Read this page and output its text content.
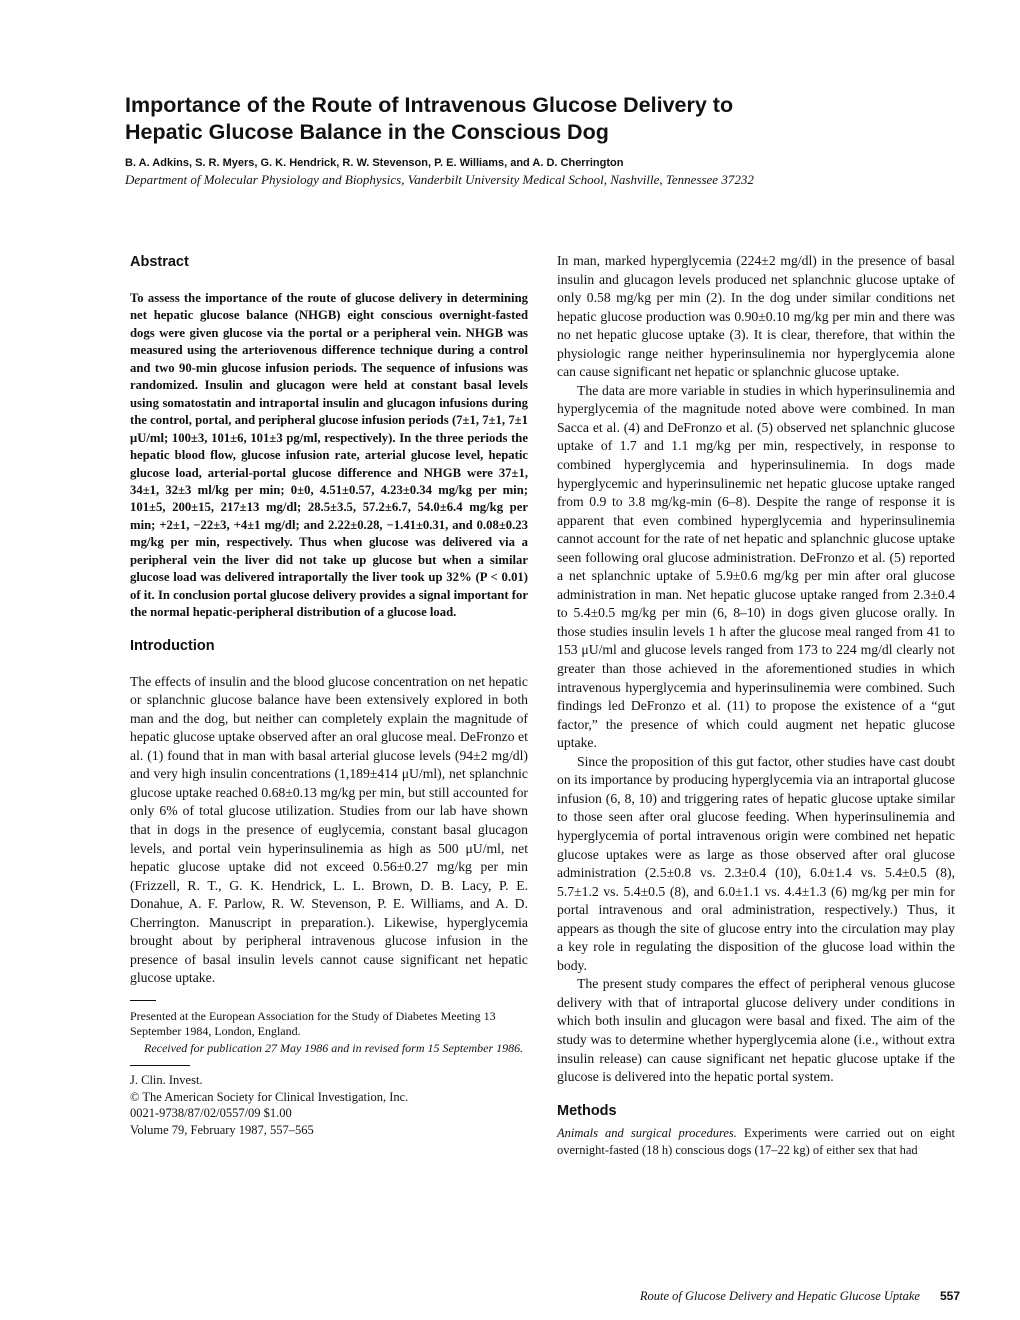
Importance of the Route of Intravenous Glucose Delivery to
Hepatic Glucose Balance in the Conscious Dog
B. A. Adkins, S. R. Myers, G. K. Hendrick, R. W. Stevenson, P. E. Williams, and A. D. Cherrington
Department of Molecular Physiology and Biophysics, Vanderbilt University Medical School, Nashville, Tennessee 37232
Abstract

To assess the importance of the route of glucose delivery in determining net hepatic glucose balance (NHGB) eight conscious overnight-fasted dogs were given glucose via the portal or a peripheral vein. NHGB was measured using the arteriovenous difference technique during a control and two 90-min glucose infusion periods. The sequence of infusions was randomized. Insulin and glucagon were held at constant basal levels using somatostatin and intraportal insulin and glucagon infusions during the control, portal, and peripheral glucose infusion periods (7±1, 7±1, 7±1 μU/ml; 100±3, 101±6, 101±3 pg/ml, respectively). In the three periods the hepatic blood flow, glucose infusion rate, arterial glucose level, hepatic glucose load, arterial-portal glucose difference and NHGB were 37±1, 34±1, 32±3 ml/kg per min; 0±0, 4.51±0.57, 4.23±0.34 mg/kg per min; 101±5, 200±15, 217±13 mg/dl; 28.5±3.5, 57.2±6.7, 54.0±6.4 mg/kg per min; +2±1, −22±3, +4±1 mg/dl; and 2.22±0.28, −1.41±0.31, and 0.08±0.23 mg/kg per min, respectively. Thus when glucose was delivered via a peripheral vein the liver did not take up glucose but when a similar glucose load was delivered intraportally the liver took up 32% (P < 0.01) of it. In conclusion portal glucose delivery provides a signal important for the normal hepatic-peripheral distribution of a glucose load.

Introduction

The effects of insulin and the blood glucose concentration on net hepatic or splanchnic glucose balance have been extensively explored in both man and the dog, but neither can completely explain the magnitude of hepatic glucose uptake observed after an oral glucose meal. DeFronzo et al. (1) found that in man with basal arterial glucose levels (94±2 mg/dl) and very high insulin concentrations (1,189±414 μU/ml), net splanchnic glucose uptake reached 0.68±0.13 mg/kg per min, but still accounted for only 6% of total glucose utilization. Studies from our lab have shown that in dogs in the presence of euglycemia, constant basal glucagon levels, and portal vein hyperinsulinemia as high as 500 μU/ml, net hepatic glucose uptake did not exceed 0.56±0.27 mg/kg per min (Frizzell, R. T., G. K. Hendrick, L. L. Brown, D. B. Lacy, P. E. Donahue, A. F. Parlow, R. W. Stevenson, P. E. Williams, and A. D. Cherrington. Manuscript in preparation.). Likewise, hyperglycemia brought about by peripheral intravenous glucose infusion in the presence of basal insulin levels cannot cause significant net hepatic glucose uptake.

Presented at the European Association for the Study of Diabetes Meeting 13 September 1984, London, England.

Received for publication 27 May 1986 and in revised form 15 September 1986.

J. Clin. Invest.

© The American Society for Clinical Investigation, Inc.

0021-9738/87/02/0557/09 $1.00

Volume 79, February 1987, 557–565

In man, marked hyperglycemia (224±2 mg/dl) in the presence of basal insulin and glucagon levels produced net splanchnic glucose uptake of only 0.58 mg/kg per min (2). In the dog under similar conditions net hepatic glucose production was 0.90±0.10 mg/kg per min and there was no net hepatic glucose uptake (3). It is clear, therefore, that within the physiologic range neither hyperinsulinemia nor hyperglycemia alone can cause significant net hepatic or splanchnic glucose uptake.

The data are more variable in studies in which hyperinsulinemia and hyperglycemia of the magnitude noted above were combined. In man Sacca et al. (4) and DeFronzo et al. (5) observed net splanchnic glucose uptake of 1.7 and 1.1 mg/kg per min, respectively, in response to combined hyperglycemia and hyperinsulinemia. In dogs made hyperglycemic and hyperinsulinemic net hepatic glucose uptake ranged from 0.9 to 3.8 mg/kg-min (6–8). Despite the range of response it is apparent that even combined hyperglycemia and hyperinsulinemia cannot account for the rate of net hepatic and splanchnic glucose uptake seen following oral glucose administration. DeFronzo et al. (5) reported a net splanchnic uptake of 5.9±0.6 mg/kg per min after oral glucose administration in man. Net hepatic glucose uptake ranged from 2.3±0.4 to 5.4±0.5 mg/kg per min (6, 8–10) in dogs given glucose orally. In those studies insulin levels 1 h after the glucose meal ranged from 41 to 153 μU/ml and glucose levels ranged from 173 to 224 mg/dl clearly not greater than those achieved in the aforementioned studies in which intravenous hyperglycemia and hyperinsulinemia were combined. Such findings led DeFronzo et al. (11) to propose the existence of a “gut factor,” the presence of which could augment net hepatic glucose uptake.

Since the proposition of this gut factor, other studies have cast doubt on its importance by producing hyperglycemia via an intraportal glucose infusion (6, 8, 10) and triggering rates of hepatic glucose uptake similar to those seen after oral glucose feeding. When hyperinsulinemia and hyperglycemia of portal intravenous origin were combined net hepatic glucose uptakes were as large as those observed after oral glucose administration (2.5±0.8 vs. 2.3±0.4 (10), 6.0±1.4 vs. 5.4±0.5 (8), 5.7±1.2 vs. 5.4±0.5 (8), and 6.0±1.1 vs. 4.4±1.3 (6) mg/kg per min for portal intravenous and oral administration, respectively.) Thus, it appears as though the site of glucose entry into the circulation may play a key role in regulating the disposition of the glucose load within the body.

The present study compares the effect of peripheral venous glucose delivery with that of intraportal glucose delivery under conditions in which both insulin and glucagon were basal and fixed. The aim of the study was to determine whether hyperglycemia alone (i.e., without extra insulin release) can cause significant net hepatic glucose uptake if the glucose is delivered into the hepatic portal system.

Methods

Animals and surgical procedures. Experiments were carried out on eight overnight-fasted (18 h) conscious dogs (17–22 kg) of either sex that had

Route of Glucose Delivery and Hepatic Glucose Uptake 557
